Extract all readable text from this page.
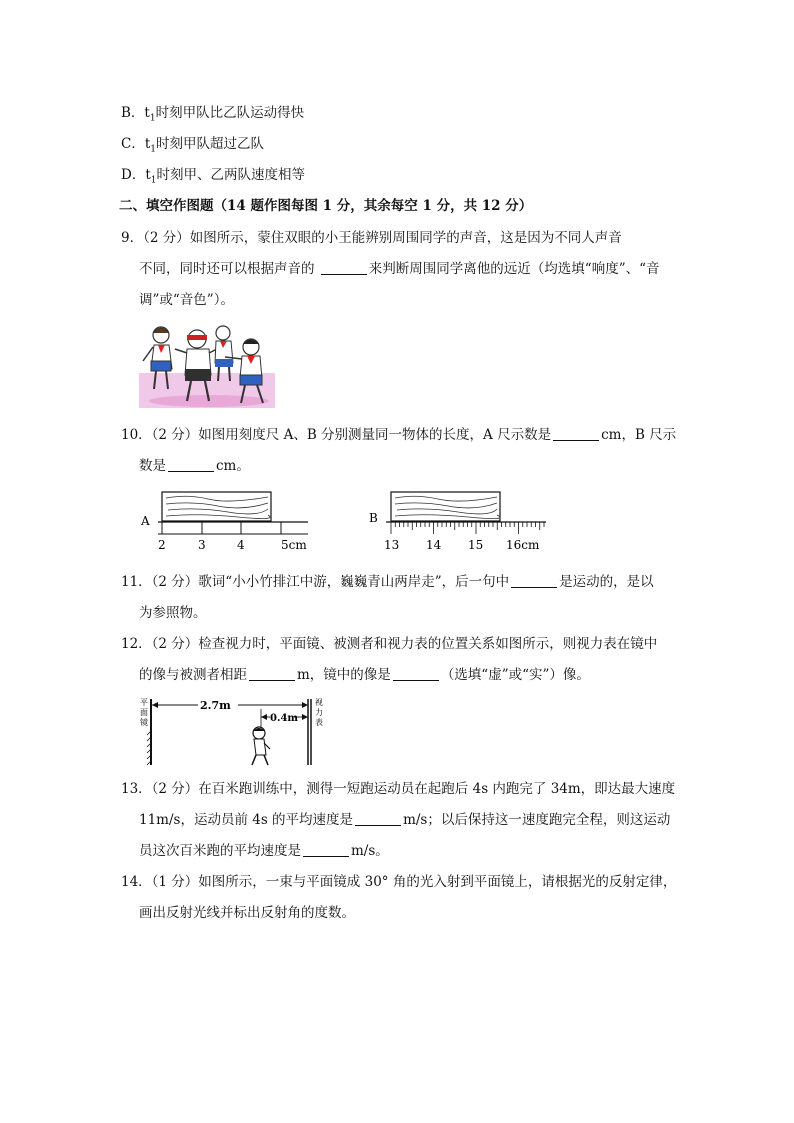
B．$t_1$时刻甲队比乙队运动得快
C．$t_1$时刻甲队超过乙队
D．$t_1$时刻甲、乙两队速度相等
二、填空作图题（14 题作图每图 1 分，其余每空 1 分，共 12 分）
9．（2 分）如图所示，蒙住双眼的小王能辨别周围同学的声音，这是因为不同人声音
不同，同时还可以根据声音的	来判断周围同学离他的远近（均选填“响度”、“音
调”或“音色”）。
10．（2 分）如图用刻度尺 A、B 分别测量同一物体的长度，A 尺示数是	cm，B 尺示
数是	cm。
A
2	3	4	5cm
B
13 14 15 16cm
11．（2 分）歌词“小小竹排江中游，巍巍青山两岸走”，后一句中	是运动的，是以
为参照物。
12．（2 分）检查视力时，平面镜、被测者和视力表的位置关系如图所示，则视力表在镜中
的像与被测者相距	m，镜中的像是	（选填“虚”或“实”）像。
平 面 镜
2.7m
0.4m
视 力 表
13．（2 分）在百米跑训练中，测得一短跑运动员在起跑后 4s 内跑完了 34m，即达最大速度
11m/s，运动员前 4s 的平均速度是	m/s；以后保持这一速度跑完全程，则这运动
员这次百米跑的平均速度是	m/s。
14．（1 分）如图所示，一束与平面镜成 30° 角的光入射到平面镜上，请根据光的反射定律，
画出反射光线并标出反射角的度数。
